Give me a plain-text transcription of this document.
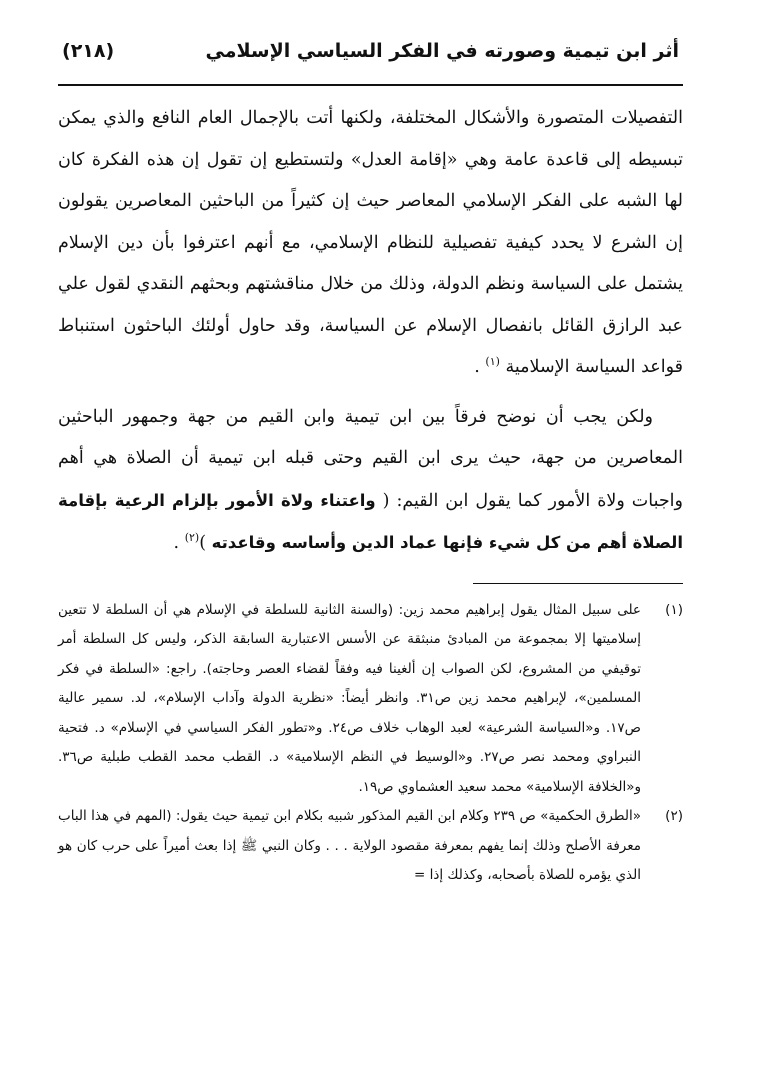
أثر ابن تيمية وصورته في الفكر السياسي الإسلامي
(٢١٨)

التفصيلات المتصورة والأشكال المختلفة، ولكنها أتت بالإجمال العام النافع والذي يمكن تبسيطه إلى قاعدة عامة وهي «إقامة العدل» ولتستطيع إن تقول إن هذه الفكرة كان لها الشبه على الفكر الإسلامي المعاصر حيث إن كثيراً من الباحثين المعاصرين يقولون إن الشرع لا يحدد كيفية تفصيلية للنظام الإسلامي، مع أنهم اعترفوا بأن دين الإسلام يشتمل على السياسة ونظم الدولة، وذلك من خلال مناقشتهم وبحثهم النقدي لقول علي عبد الرازق القائل بانفصال الإسلام عن السياسة، وقد حاول أولئك الباحثون استنباط قواعد السياسة الإسلامية $^{(١)}$ .

ولكن يجب أن نوضح فرقاً بين ابن تيمية وابن القيم من جهة وجمهور الباحثين المعاصرين من جهة، حيث يرى ابن القيم وحتى قبله ابن تيمية أن الصلاة هي أهم واجبات ولاة الأمور كما يقول ابن القيم: ( واعتناء ولاة الأمور بإلزام الرعية بإقامة الصلاة أهم من كل شيء فإنها عماد الدين وأساسه وقاعدته )$^{(٢)}$ .

(١)
على سبيل المثال يقول إبراهيم محمد زين: (والسنة الثانية للسلطة في الإسلام هي أن السلطة لا تتعين إسلاميتها إلا بمجموعة من المبادئ منبثقة عن الأسس الاعتبارية السابقة الذكر، وليس كل السلطة أمر توقيفي من المشروع، لكن الصواب إن ألغينا فيه وفقاً لقضاء العصر وحاجته). راجع: «السلطة في فكر المسلمين»، لإبراهيم محمد زين ص٣١. وانظر أيضاً: «نظرية الدولة وآداب الإسلام»، لد. سمير عالية ص١٧. و«السياسة الشرعية» لعبد الوهاب خلاف ص٢٤. و«تطور الفكر السياسي في الإسلام» د. فتحية النبراوي ومحمد نصر ص٢٧. و«الوسيط في النظم الإسلامية» د. القطب محمد القطب طبلية ص٣٦. و«الخلافة الإسلامية» محمد سعيد العشماوي ص١٩.
(٢)
«الطرق الحكمية» ص ٢٣٩ وكلام ابن القيم المذكور شبيه بكلام ابن تيمية حيث يقول: (المهم في هذا الباب معرفة الأصلح وذلك إنما يفهم بمعرفة مقصود الولاية . . . وكان النبي ﷺ إذا بعث أميراً على حرب كان هو الذي يؤمره للصلاة بأصحابه، وكذلك إذا =
